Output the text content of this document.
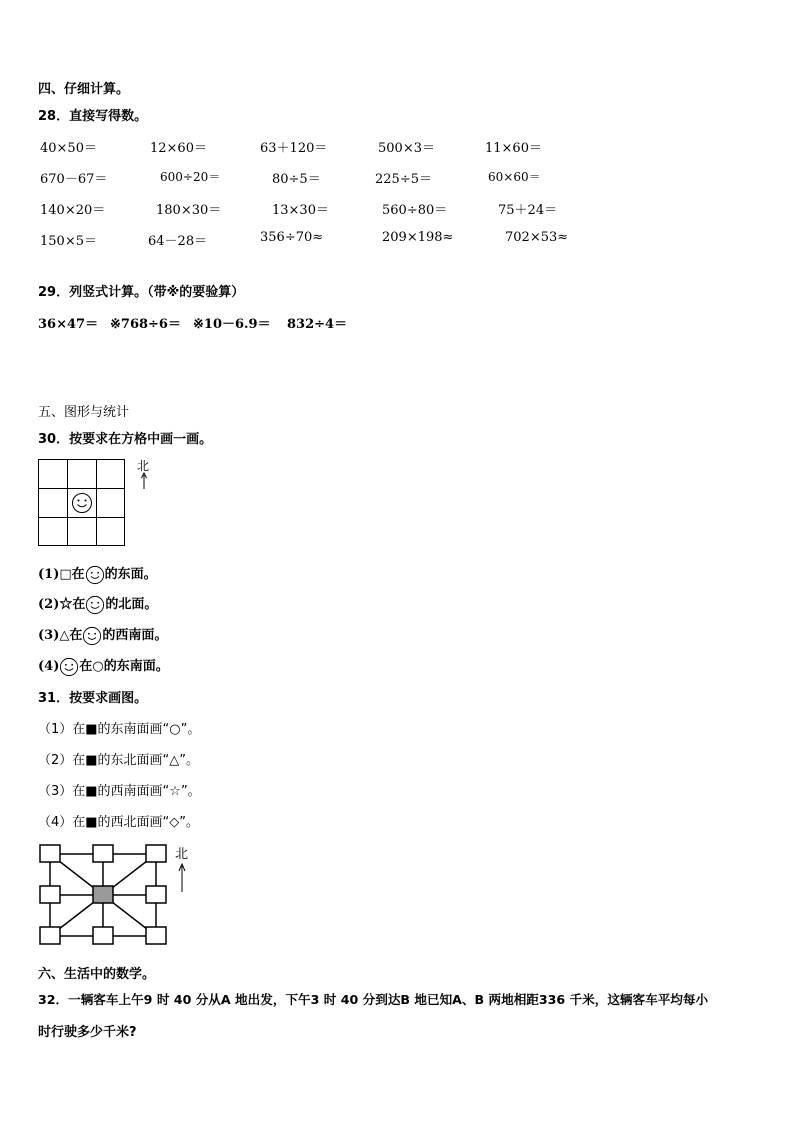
四、仔细计算。
28．直接写得数。
40×50＝	12×60＝	63＋120＝	500×3＝	11×60＝
670－67＝	600÷20＝	80÷5＝	225÷5＝	60×60＝
140×20＝	180×30＝	13×30＝	560÷80＝	75＋24＝
150×5＝	64－28＝	356÷70≈	209×198≈	702×53≈
29．列竖式计算。（带※的要验算）
36×47＝ ※768÷6＝ ※10－6.9＝ 832÷4＝
五、图形与统计
30．按要求在方格中画一画。
北
(1)□在 的东面。
(2)☆在 的北面。
(3)△在 的西南面。
(4) 在○的东南面。
31．按要求画图。
（1）在■的东南面画“○”。
（2）在■的东北面画“△”。
（3）在■的西南面画“☆”。
（4）在■的西北面画“◇”。
北
六、生活中的数学。
32．一辆客车上午9 时 40 分从A 地出发，下午3 时 40 分到达B 地已知A、B 两地相距336 千米，这辆客车平均每小
时行驶多少千米?
